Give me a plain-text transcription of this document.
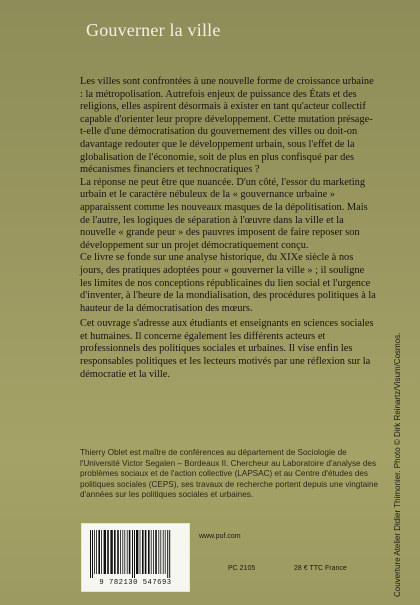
Gouverner la ville

Les villes sont confrontées à une nouvelle forme de croissance urbaine : la métropolisation. Autrefois enjeux de puissance des États et des religions, elles aspirent désormais à exister en tant qu'acteur collectif capable d'orienter leur propre développement. Cette mutation présage-t-elle d'une démocratisation du gouvernement des villes ou doit-on davantage redouter que le développement urbain, sous l'effet de la globalisation de l'économie, soit de plus en plus confisqué par des mécanismes financiers et technocratiques ?

La réponse ne peut être que nuancée. D'un côté, l'essor du marketing urbain et le caractère nébuleux de la « gouvernance urbaine » apparaissent comme les nouveaux masques de la dépolitisation. Mais de l'autre, les logiques de séparation à l'œuvre dans la ville et la nouvelle « grande peur » des pauvres imposent de faire reposer son développement sur un projet démocratiquement conçu.

Ce livre se fonde sur une analyse historique, du XIXe siècle à nos jours, des pratiques adoptées pour « gouverner la ville » ; il souligne les limites de nos conceptions républicaines du lien social et l'urgence d'inventer, à l'heure de la mondialisation, des procédures politiques à la hauteur de la démocratisation des mœurs.

Cet ouvrage s'adresse aux étudiants et enseignants en sciences sociales et humaines. Il concerne également les différents acteurs et professionnels des politiques sociales et urbaines. Il vise enfin les responsables politiques et les lecteurs motivés par une réflexion sur la démocratie et la ville.

Thierry Oblet est maître de conférences au département de Sociologie de l'Université Victor Segalen – Bordeaux II. Chercheur au Laboratoire d'analyse des problèmes sociaux et de l'action collective (LAPSAC) et au Centre d'études des politiques sociales (CEPS), ses travaux de recherche portent depuis une vingtaine d'années sur les politiques sociales et urbaines.
9 782130 547693
www.puf.com
PC 2105	28 € TTC France	Couverture Atelier Didier Thimonier. Photo © Dirk Reinartz/Visum/Cosmos.
